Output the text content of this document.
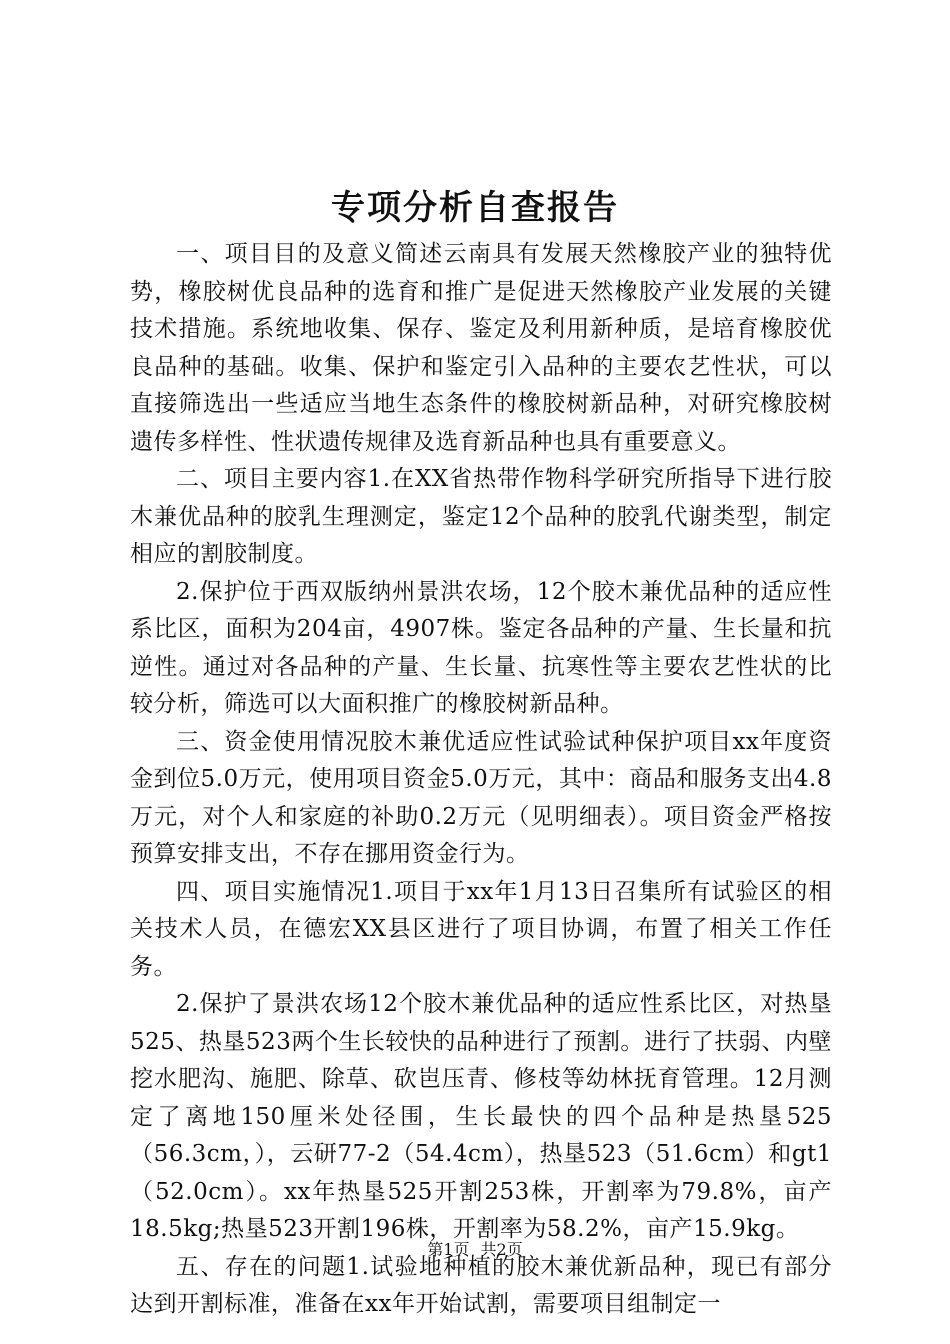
专项分析自查报告

一、项目目的及意义简述云南具有发展天然橡胶产业的独特优势，橡胶树优良品种的选育和推广是促进天然橡胶产业发展的关键技术措施。系统地收集、保存、鉴定及利用新种质，是培育橡胶优良品种的基础。收集、保护和鉴定引入品种的主要农艺性状，可以直接筛选出一些适应当地生态条件的橡胶树新品种，对研究橡胶树遗传多样性、性状遗传规律及选育新品种也具有重要意义。

二、项目主要内容1.在XX省热带作物科学研究所指导下进行胶木兼优品种的胶乳生理测定，鉴定12个品种的胶乳代谢类型，制定相应的割胶制度。

2.保护位于西双版纳州景洪农场，12个胶木兼优品种的适应性系比区，面积为204亩，4907株。鉴定各品种的产量、生长量和抗逆性。通过对各品种的产量、生长量、抗寒性等主要农艺性状的比较分析，筛选可以大面积推广的橡胶树新品种。

三、资金使用情况胶木兼优适应性试验试种保护项目xx年度资金到位5.0万元，使用项目资金5.0万元，其中：商品和服务支出4.8万元，对个人和家庭的补助0.2万元（见明细表）。项目资金严格按预算安排支出，不存在挪用资金行为。

四、项目实施情况1.项目于xx年1月13日召集所有试验区的相关技术人员，在德宏XX县区进行了项目协调，布置了相关工作任务。

2.保护了景洪农场12个胶木兼优品种的适应性系比区，对热垦525、热垦523两个生长较快的品种进行了预割。进行了扶弱、内壁挖水肥沟、施肥、除草、砍岜压青、修枝等幼林抚育管理。12月测定了离地150厘米处径围，生长最快的四个品种是热垦525（56.3cm，），云研77-2（54.4cm），热垦523（51.6cm）和gt1（52.0cm）。xx年热垦525开割253株，开割率为79.8%，亩产18.5kg;热垦523开割196株，开割率为58.2%，亩产15.9kg。

五、存在的问题1.试验地种植的胶木兼优新品种，现已有部分达到开割标准，准备在xx年开始试割，需要项目组制定一

第1页 共2页
